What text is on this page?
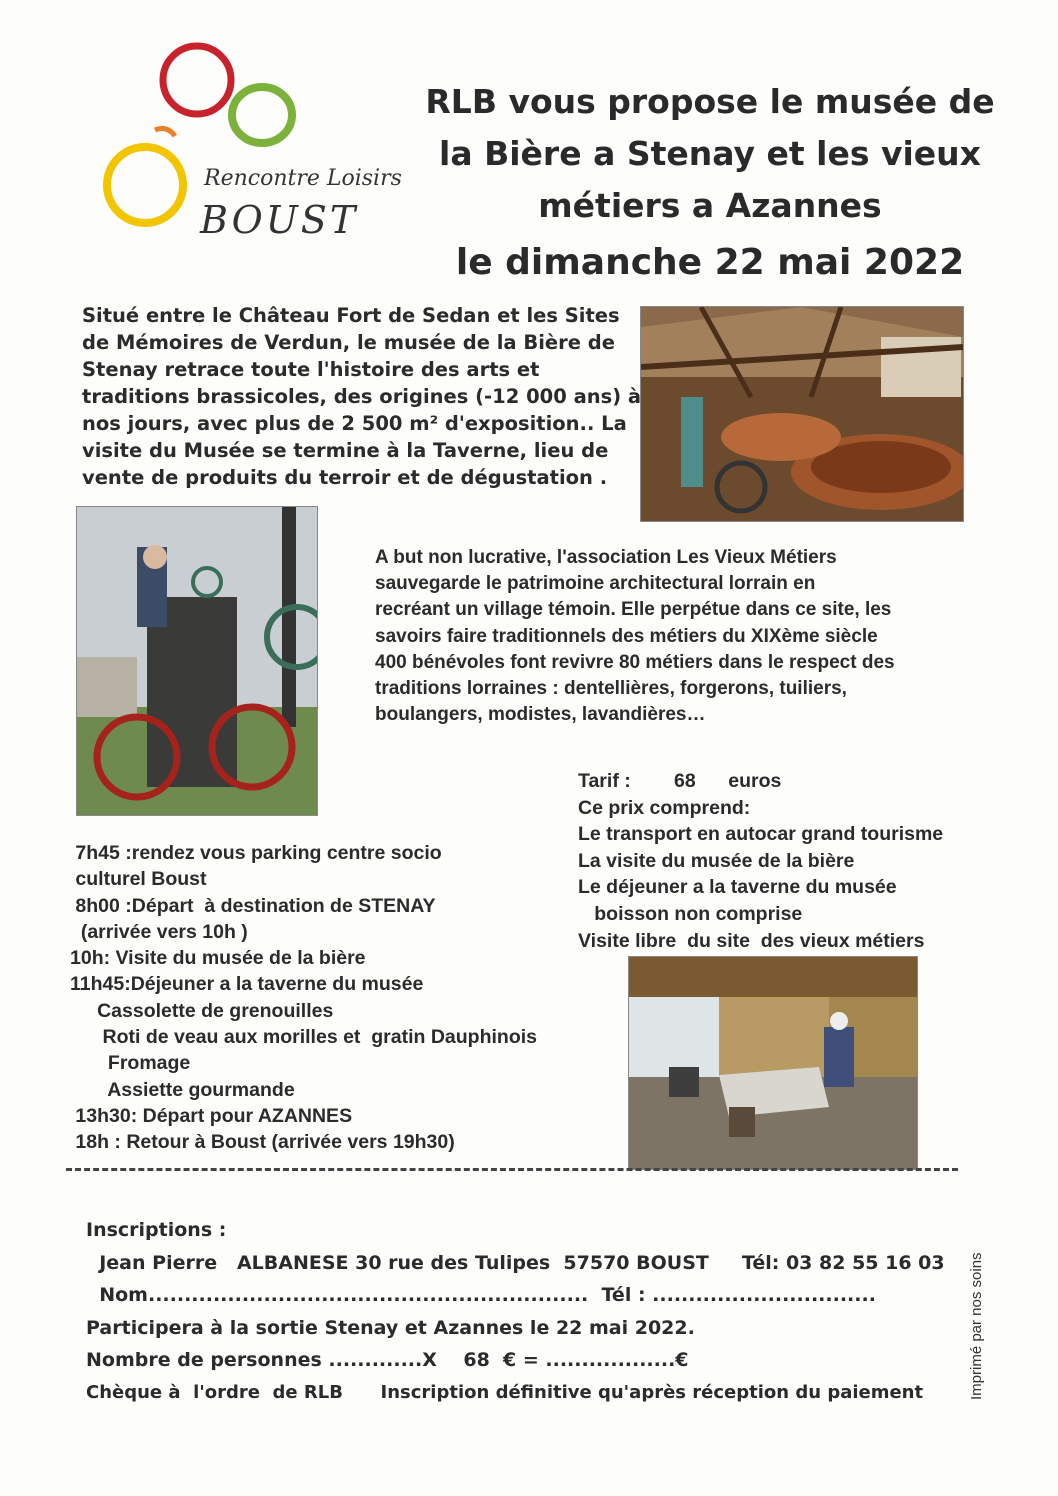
Rencontre Loisirs
BOUST
RLB vous propose le musée de
la Bière a Stenay et les vieux
métiers a Azannes
le dimanche 22 mai 2022
Situé entre le Château Fort de Sedan et les Sites
de Mémoires de Verdun, le musée de la Bière de
Stenay retrace toute l'histoire des arts et
traditions brassicoles, des origines (-12 000 ans) à
nos jours, avec plus de 2 500 m² d'exposition.. La
visite du Musée se termine à la Taverne, lieu de
vente de produits du terroir et de dégustation .
A but non lucrative, l'association Les Vieux Métiers
sauvegarde le patrimoine architectural lorrain en
recréant un village témoin. Elle perpétue dans ce site, les
savoirs faire traditionnels des métiers du XIXème siècle
400 bénévoles font revivre 80 métiers dans le respect des
traditions lorraines : dentellières, forgerons, tuiliers,
boulangers, modistes, lavandières…
Tarif :        68      euros
Ce prix comprend:
Le transport en autocar grand tourisme
La visite du musée de la bière
Le déjeuner a la taverne du musée
boisson non comprise
Visite libre  du site  des vieux métiers
7h45 :rendez vous parking centre socio
culturel Boust
8h00 :Départ  à destination de STENAY
(arrivée vers 10h )
10h: Visite du musée de la bière
11h45:Déjeuner a la taverne du musée
Cassolette de grenouilles
Roti de veau aux morilles et  gratin Dauphinois
Fromage
Assiette gourmande
13h30: Départ pour AZANNES
18h : Retour à Boust (arrivée vers 19h30)
Inscriptions :
Jean Pierre   ALBANESE 30 rue des Tulipes  57570 BOUST     Tél: 03 82 55 16 03
Nom.............................................................  Tél : ...............................
Participera à la sortie Stenay et Azannes le 22 mai 2022.
Nombre de personnes .............X    68  € = ..................€
Chèque à  l'ordre  de RLB      Inscription définitive qu'après réception du paiement	Imprimé par nos soins
